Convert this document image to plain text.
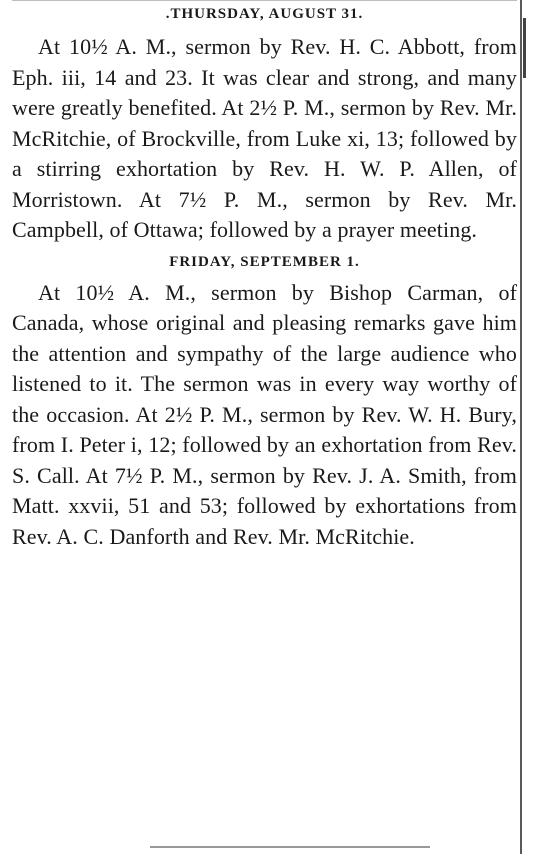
.THURSDAY, AUGUST 31.

At 10½ A. M., sermon by Rev. H. C. Abbott, from Eph. iii, 14 and 23. It was clear and strong, and many were greatly benefited. At 2½ P. M., sermon by Rev. Mr. McRitchie, of Brockville, from Luke xi, 13; followed by a stirring exhortation by Rev. H. W. P. Allen, of Morristown. At 7½ P. M., sermon by Rev. Mr. Campbell, of Ottawa; followed by a prayer meeting.

FRIDAY, SEPTEMBER 1.

At 10½ A. M., sermon by Bishop Carman, of Canada, whose original and pleasing remarks gave him the attention and sympathy of the large audience who listened to it. The sermon was in every way worthy of the occasion. At 2½ P. M., sermon by Rev. W. H. Bury, from I. Peter i, 12; followed by an exhortation from Rev. S. Call. At 7½ P. M., sermon by Rev. J. A. Smith, from Matt. xxvii, 51 and 53; followed by exhortations from Rev. A. C. Danforth and Rev. Mr. McRitchie.
